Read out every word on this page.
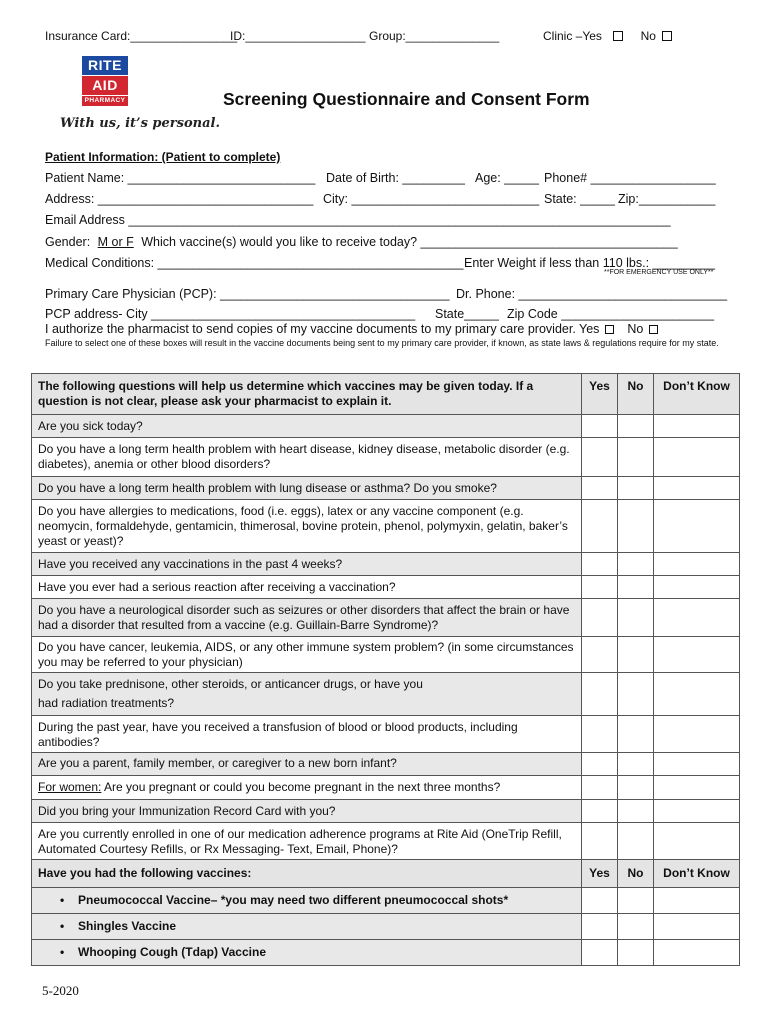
Insurance Card:________________
ID:__________________ Group:______________	Clinic –Yes	No
RITE
AID
PHARMACY
With us, it’s personal.
Screening Questionnaire and Consent Form
Patient Information: (Patient to complete)
Patient Name: ___________________________ Date of Birth: _________ Age: _____ Phone# __________________
Address: _______________________________ City: ___________________________ State: _____ Zip:___________
Email Address ______________________________________________________________________________
Gender: M or F Which vaccine(s) would you like to receive today? _____________________________________
Medical Conditions: ____________________________________________ Enter Weight if less than 110 lbs.: _________
**FOR EMERGENCY USE ONLY**
Primary Care Physician (PCP): _________________________________ Dr. Phone: ______________________________
PCP address- City ______________________________________ State_____ Zip Code ______________________
I authorize the pharmacist to send copies of my vaccine documents to my primary care provider. Yes No
Failure to select one of these boxes will result in the vaccine documents being sent to my primary care provider, if known, as state laws & regulations require for my state.
The following questions will help us determine which vaccines may be given today. If a question is not clear, please ask your pharmacist to explain it.	Yes	No	Don’t Know
Are you sick today?			
Do you have a long term health problem with heart disease, kidney disease, metabolic disorder (e.g. diabetes), anemia or other blood disorders?			
Do you have a long term health problem with lung disease or asthma? Do you smoke?			
Do you have allergies to medications, food (i.e. eggs), latex or any vaccine component (e.g. neomycin, formaldehyde, gentamicin, thimerosal, bovine protein, phenol, polymyxin, gelatin, baker’s yeast or yeast)?			
Have you received any vaccinations in the past 4 weeks?			
Have you ever had a serious reaction after receiving a vaccination?			
Do you have a neurological disorder such as seizures or other disorders that affect the brain or have had a disorder that resulted from a vaccine (e.g. Guillain-Barre Syndrome)?			
Do you have cancer, leukemia, AIDS, or any other immune system problem? (in some circumstances you may be referred to your physician)			
Do you take prednisone, other steroids, or anticancer drugs, or have you
had radiation treatments?			
During the past year, have you received a transfusion of blood or blood products, including antibodies?			
Are you a parent, family member, or caregiver to a new born infant?			
For women: Are you pregnant or could you become pregnant in the next three months?			
Did you bring your Immunization Record Card with you?			
Are you currently enrolled in one of our medication adherence programs at Rite Aid (OneTrip Refill, Automated Courtesy Refills, or Rx Messaging- Text, Email, Phone)?			
Have you had the following vaccines:	Yes	No	Don’t Know
• Pneumococcal Vaccine– *you may need two different pneumococcal shots*			
• Shingles Vaccine			
• Whooping Cough (Tdap) Vaccine			
5-2020
